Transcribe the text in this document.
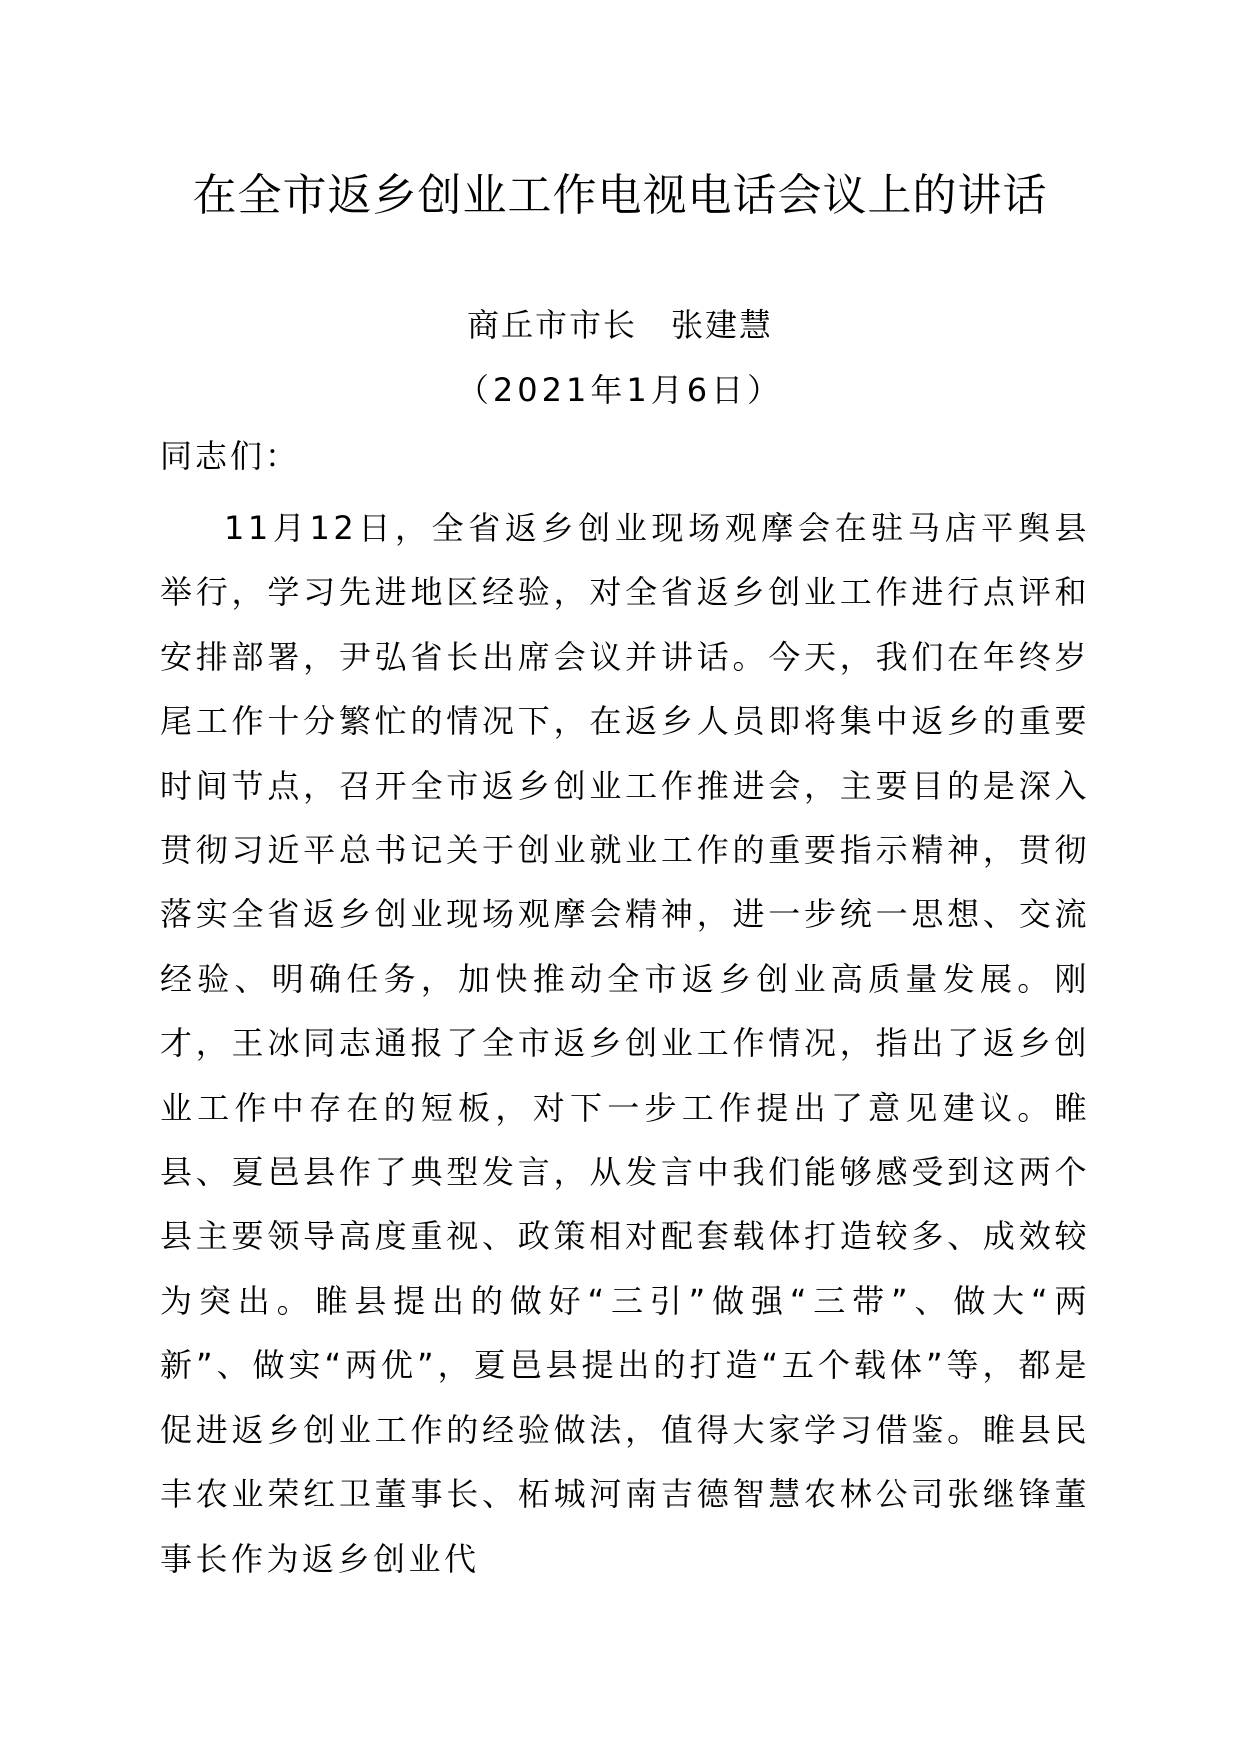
在全市返乡创业工作电视电话会议上的讲话
商丘市市长　张建慧
（2021年1月6日）
同志们：

11月12日，全省返乡创业现场观摩会在驻马店平舆县举行，学习先进地区经验，对全省返乡创业工作进行点评和安排部署，尹弘省长出席会议并讲话。今天，我们在年终岁尾工作十分繁忙的情况下，在返乡人员即将集中返乡的重要时间节点，召开全市返乡创业工作推进会，主要目的是深入贯彻习近平总书记关于创业就业工作的重要指示精神，贯彻落实全省返乡创业现场观摩会精神，进一步统一思想、交流经验、明确任务，加快推动全市返乡创业高质量发展。刚才，王冰同志通报了全市返乡创业工作情况，指出了返乡创业工作中存在的短板，对下一步工作提出了意见建议。睢县、夏邑县作了典型发言，从发言中我们能够感受到这两个县主要领导高度重视、政策相对配套载体打造较多、成效较为突出。睢县提出的做好“三引”做强“三带”、做大“两新”、做实“两优”，夏邑县提出的打造“五个载体”等，都是促进返乡创业工作的经验做法，值得大家学习借鉴。睢县民丰农业荣红卫董事长、柘城河南吉德智慧农林公司张继锋董事长作为返乡创业代
